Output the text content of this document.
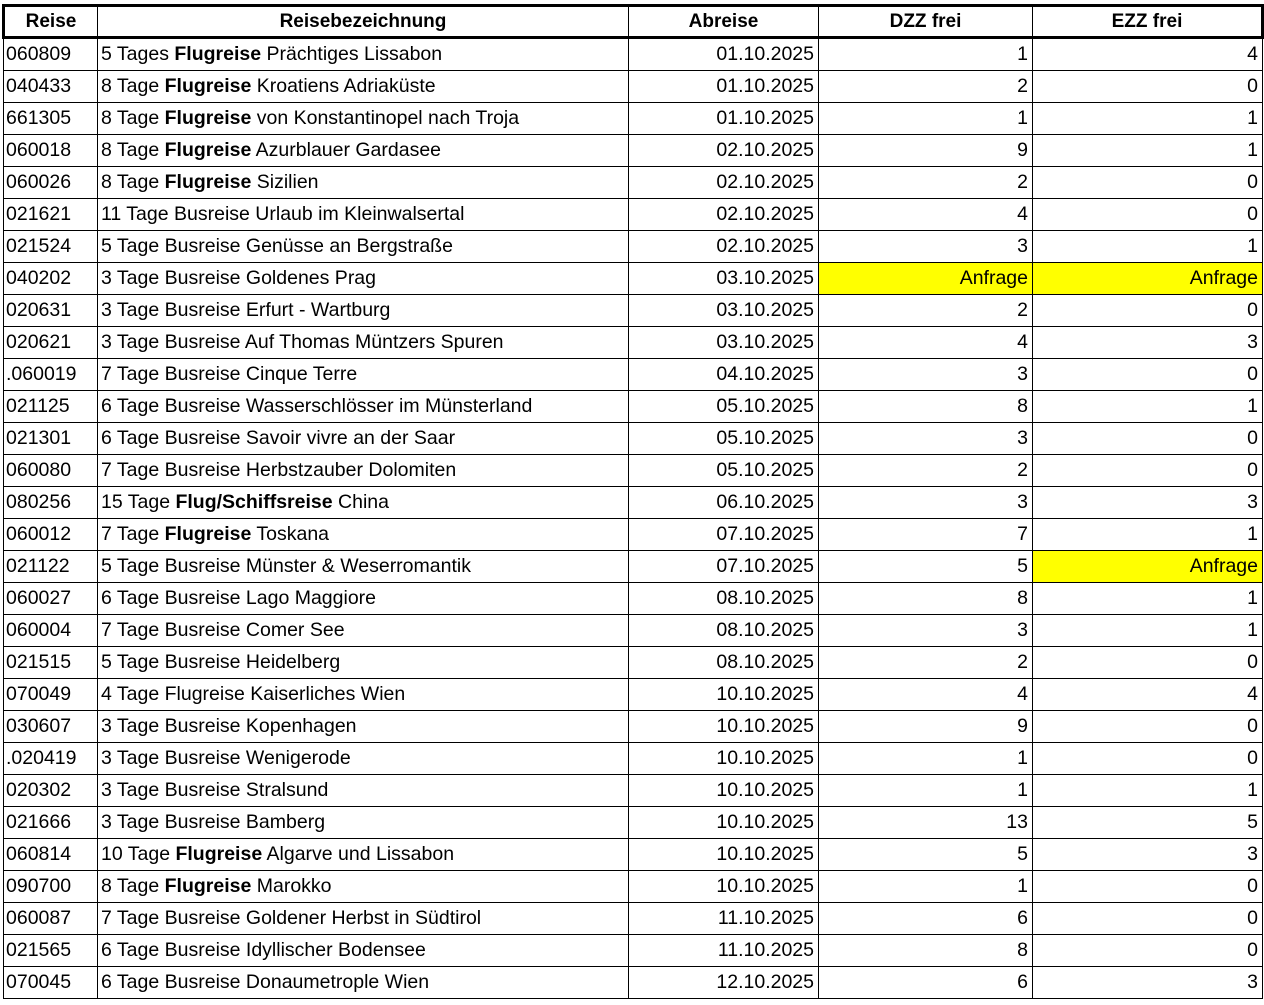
Reise	Reisebezeichnung	Abreise	DZZ frei	EZZ frei
060809	5 Tages Flugreise Prächtiges Lissabon	01.10.2025	1	4
040433	8 Tage Flugreise Kroatiens Adriaküste	01.10.2025	2	0
661305	8 Tage Flugreise von Konstantinopel nach Troja	01.10.2025	1	1
060018	8 Tage Flugreise Azurblauer Gardasee	02.10.2025	9	1
060026	8 Tage Flugreise Sizilien	02.10.2025	2	0
021621	11 Tage Busreise Urlaub im Kleinwalsertal	02.10.2025	4	0
021524	5 Tage Busreise Genüsse an Bergstraße	02.10.2025	3	1
040202	3 Tage Busreise Goldenes Prag	03.10.2025	Anfrage	Anfrage
020631	3 Tage Busreise Erfurt - Wartburg	03.10.2025	2	0
020621	3 Tage Busreise Auf Thomas Müntzers Spuren	03.10.2025	4	3
.060019	7 Tage Busreise Cinque Terre	04.10.2025	3	0
021125	6 Tage Busreise Wasserschlösser im Münsterland	05.10.2025	8	1
021301	6 Tage Busreise Savoir vivre an der Saar	05.10.2025	3	0
060080	7 Tage Busreise Herbstzauber Dolomiten	05.10.2025	2	0
080256	15 Tage Flug/Schiffsreise China	06.10.2025	3	3
060012	7 Tage Flugreise Toskana	07.10.2025	7	1
021122	5 Tage Busreise Münster & Weserromantik	07.10.2025	5	Anfrage
060027	6 Tage Busreise Lago Maggiore	08.10.2025	8	1
060004	7 Tage Busreise Comer See	08.10.2025	3	1
021515	5 Tage Busreise Heidelberg	08.10.2025	2	0
070049	4 Tage Flugreise Kaiserliches Wien	10.10.2025	4	4
030607	3 Tage Busreise Kopenhagen	10.10.2025	9	0
.020419	3 Tage Busreise Wenigerode	10.10.2025	1	0
020302	3 Tage Busreise Stralsund	10.10.2025	1	1
021666	3 Tage Busreise Bamberg	10.10.2025	13	5
060814	10 Tage Flugreise Algarve und Lissabon	10.10.2025	5	3
090700	8 Tage Flugreise Marokko	10.10.2025	1	0
060087	7 Tage Busreise Goldener Herbst in Südtirol	11.10.2025	6	0
021565	6 Tage Busreise Idyllischer Bodensee	11.10.2025	8	0
070045	6 Tage Busreise Donaumetrople Wien	12.10.2025	6	3
